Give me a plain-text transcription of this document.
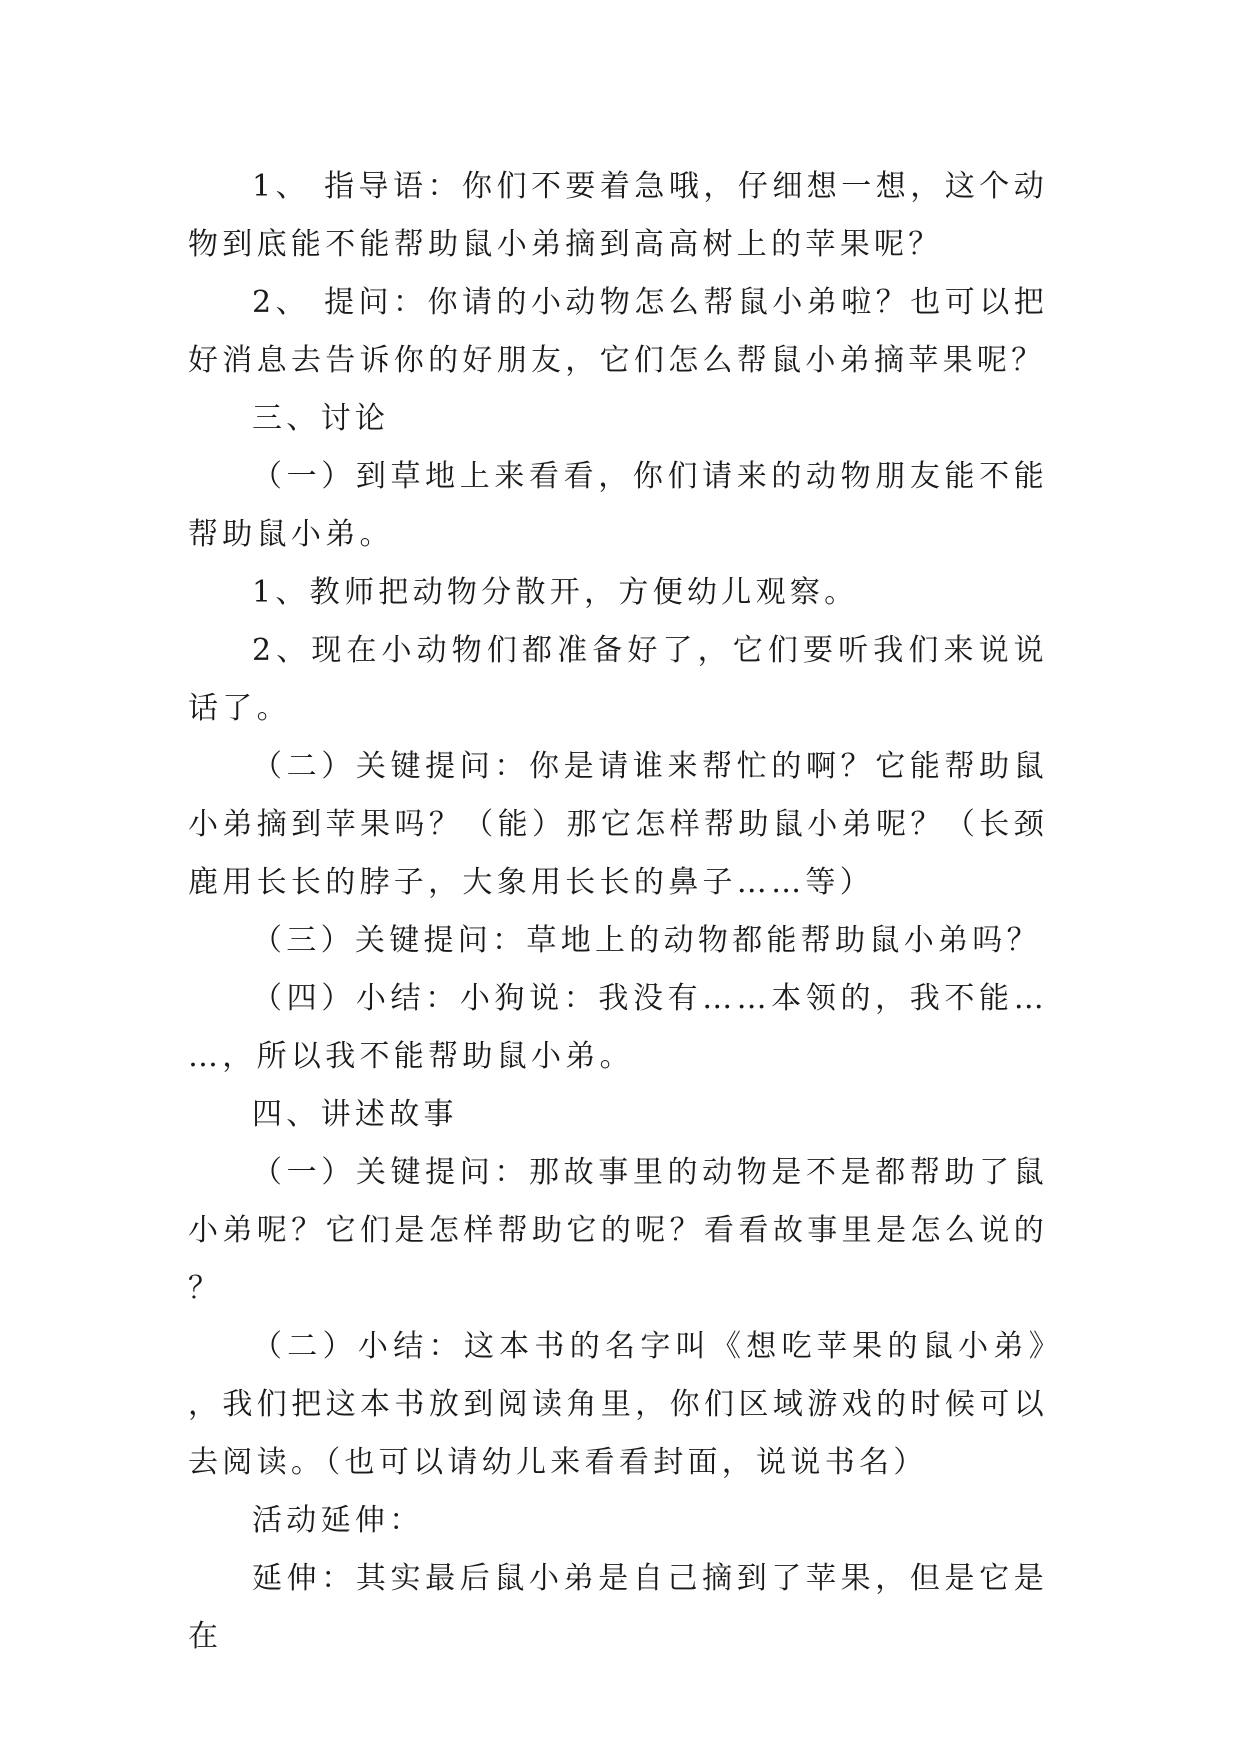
1、 指导语：你们不要着急哦，仔细想一想，这个动物到底能不能帮助鼠小弟摘到高高树上的苹果呢？

2、 提问：你请的小动物怎么帮鼠小弟啦？也可以把好消息去告诉你的好朋友，它们怎么帮鼠小弟摘苹果呢？

三、讨论

（一）到草地上来看看，你们请来的动物朋友能不能帮助鼠小弟。

1、教师把动物分散开，方便幼儿观察。

2、现在小动物们都准备好了，它们要听我们来说说话了。

（二）关键提问：你是请谁来帮忙的啊？它能帮助鼠小弟摘到苹果吗？（能）那它怎样帮助鼠小弟呢？（长颈鹿用长长的脖子，大象用长长的鼻子……等）

（三）关键提问：草地上的动物都能帮助鼠小弟吗？

（四）小结：小狗说：我没有……本领的，我不能……，所以我不能帮助鼠小弟。

四、讲述故事

（一）关键提问：那故事里的动物是不是都帮助了鼠小弟呢？它们是怎样帮助它的呢？看看故事里是怎么说的？

（二）小结：这本书的名字叫《想吃苹果的鼠小弟》，我们把这本书放到阅读角里，你们区域游戏的时候可以去阅读。（也可以请幼儿来看看封面，说说书名）

活动延伸：

延伸：其实最后鼠小弟是自己摘到了苹果，但是它是在
